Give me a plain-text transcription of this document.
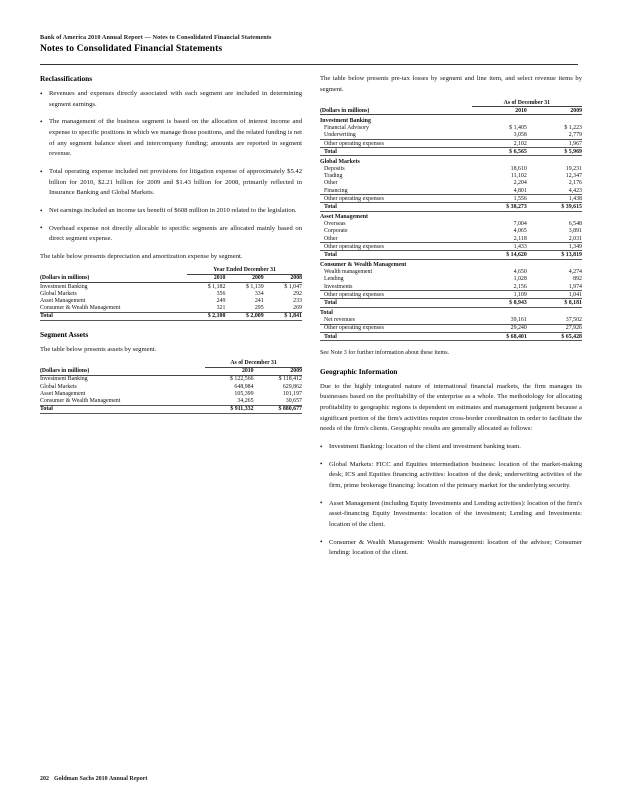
Bank of America 2010 Annual Report — Notes to Consolidated Financial Statements
Notes to Consolidated Financial Statements
Reclassifications
• Revenues and expenses directly associated with each segment are included in determining segment earnings.
• The management of the business segment is based on the allocation of interest income and expense to specific positions in which we manage those positions, and the related funding is net of any segment balance sheet and intercompany funding; amounts are reported in segment revenue.
• Total operating expense included net provisions for litigation expense of approximately $5.42 billion for 2010, $2.21 billion for 2009 and $1.43 billion for 2008, primarily reflected in Insurance Banking and Global Markets.
• Net earnings included an income tax benefit of $608 million in 2010 related to the legislation.
• Overhead expense not directly allocable to specific segments are allocated mainly based on direct segment expense.

The table below presents depreciation and amortization expense by segment.

	Year Ended December 31		
(Dollars in millions)	2010	2009	2008
Investment Banking	$ 1,182	$ 1,139	$ 1,047
Global Markets	356	334	292
Asset Management	249	241	233
Consumer & Wealth Management	321	295	269
Total	$ 2,108	$ 2,009	$ 1,841
Segment Assets

The table below presents assets by segment.

	As of December 31	
(Dollars in millions)	2010	2009
Investment Banking	$ 122,566	$ 118,412
Global Markets	648,984	629,862
Asset Management	105,399	101,197
Consumer & Wealth Management	34,265	30,657
Total	$ 911,332	$ 880,677

The table below presents pre-tax losses by segment and line item, and select revenue items by segment.

	As of December 31	
(Dollars in millions)	2010	2009
Investment Banking		
Financial Advisory	$ 1,405	$ 1,223
Underwriting	3,058	2,779
Other operating expenses	2,102	1,967
Total	$ 6,565	$ 5,969
Global Markets		
Deposits	18,610	19,231
Trading	11,102	12,347
Other	2,204	2,176
Financing	4,801	4,423
Other operating expenses	1,556	1,438
Total	$ 38,273	$ 39,615
Asset Management		
Overseas	7,004	6,548
Corporate	4,065	3,891
Other	2,118	2,031
Other operating expenses	1,433	1,349
Total	$ 14,620	$ 13,819
Consumer & Wealth Management		
Wealth management	4,650	4,274
Lending	1,028	892
Investments	2,156	1,974
Other operating expenses	1,109	1,041
Total	$ 8,943	$ 8,181
Total		
Net revenues	39,161	37,502
Other operating expenses	29,240	27,926
Total	$ 68,401	$ 65,428
See Note 3 for further information about these items.
Geographic Information

Due to the highly integrated nature of international financial markets, the firm manages its businesses based on the profitability of the enterprise as a whole. The methodology for allocating profitability to geographic regions is dependent on estimates and management judgment because a significant portion of the firm's activities require cross-border coordination in order to facilitate the needs of the firm's clients. Geographic results are generally allocated as follows:

• Investment Banking: location of the client and investment banking team.
• Global Markets: FICC and Equities intermediation business: location of the market-making desk; ICS and Equities financing activities: location of the desk; underwriting activities of the firm, prime brokerage financing: location of the primary market for the underlying security.
• Asset Management (including Equity Investments and Lending activities): location of the firm's asset-financing Equity Investments: location of the investment; Lending and Investments: location of the client.
• Consumer & Wealth Management: Wealth management: location of the advisor; Consumer lending: location of the client.
202 Goldman Sachs 2010 Annual Report
